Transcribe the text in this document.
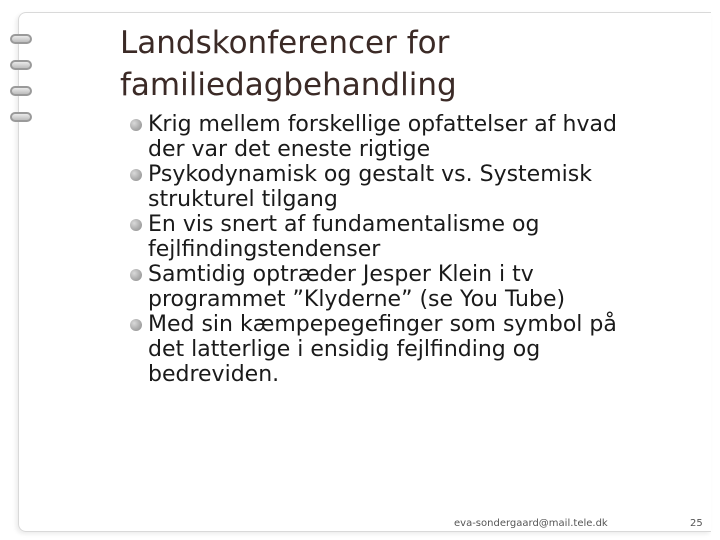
Landskonferencer for
familiedagbehandling
Krig mellem forskellige opfattelser af hvad
der var det eneste rigtige
Psykodynamisk og gestalt vs. Systemisk
strukturel tilgang
En vis snert af fundamentalisme og
fejlfindingstendenser
Samtidig optræder Jesper Klein i tv
programmet ”Klyderne” (se You Tube)
Med sin kæmpepegefinger som symbol på
det latterlige i ensidig fejlfinding og
bedreviden.
eva-sondergaard@mail.tele.dk	25
